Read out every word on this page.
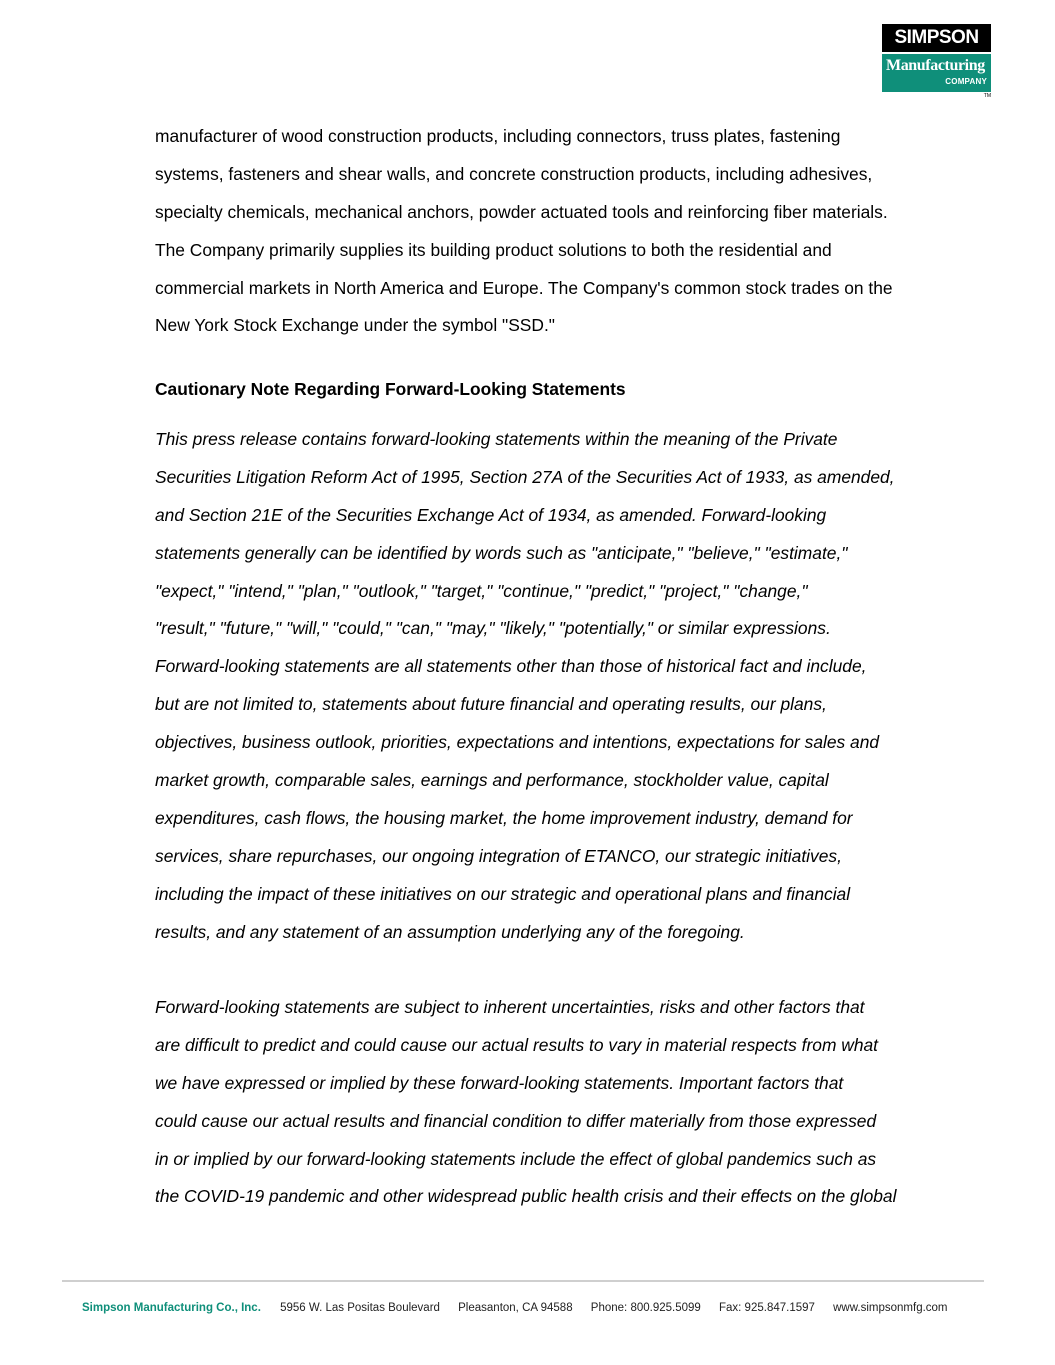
SIMPSON
Manufacturing
COMPANY
TM
manufacturer of wood construction products, including connectors, truss plates, fastening
systems, fasteners and shear walls, and concrete construction products, including adhesives,
specialty chemicals, mechanical anchors, powder actuated tools and reinforcing fiber materials.
The Company primarily supplies its building product solutions to both the residential and
commercial markets in North America and Europe. The Company's common stock trades on the
New York Stock Exchange under the symbol "SSD."
Cautionary Note Regarding Forward-Looking Statements
This press release contains forward-looking statements within the meaning of the Private
Securities Litigation Reform Act of 1995, Section 27A of the Securities Act of 1933, as amended,
and Section 21E of the Securities Exchange Act of 1934, as amended. Forward-looking
statements generally can be identified by words such as "anticipate," "believe," "estimate,"
"expect," "intend," "plan," "outlook," "target," "continue," "predict," "project," "change,"
"result," "future," "will," "could," "can," "may," "likely," "potentially," or similar expressions.
Forward-looking statements are all statements other than those of historical fact and include,
but are not limited to, statements about future financial and operating results, our plans,
objectives, business outlook, priorities, expectations and intentions, expectations for sales and
market growth, comparable sales, earnings and performance, stockholder value, capital
expenditures, cash flows, the housing market, the home improvement industry, demand for
services, share repurchases, our ongoing integration of ETANCO, our strategic initiatives,
including the impact of these initiatives on our strategic and operational plans and financial
results, and any statement of an assumption underlying any of the foregoing.
Forward-looking statements are subject to inherent uncertainties, risks and other factors that
are difficult to predict and could cause our actual results to vary in material respects from what
we have expressed or implied by these forward-looking statements. Important factors that
could cause our actual results and financial condition to differ materially from those expressed
in or implied by our forward-looking statements include the effect of global pandemics such as
the COVID-19 pandemic and other widespread public health crisis and their effects on the global
Simpson Manufacturing Co., Inc. 5956 W. Las Positas Boulevard Pleasanton, CA 94588 Phone: 800.925.5099 Fax: 925.847.1597 www.simpsonmfg.com
